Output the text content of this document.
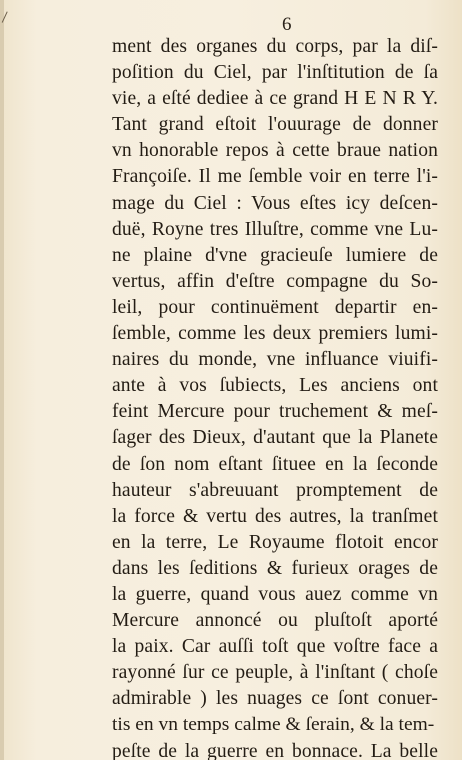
6
ment des organes du corps, par la diſ-
poſition du Ciel, par l'inſtitution de ſa
vie, a eſté dediee à ce grand H E N R Y.
Tant grand eſtoit l'ouurage de donner
vn honorable repos à cette braue nation
Françoiſe. Il me ſemble voir en terre l'i-
mage du Ciel : Vous eſtes icy deſcen-
duë, Royne tres Illuſtre, comme vne Lu-
ne plaine d'vne gracieuſe lumiere de
vertus, affin d'eſtre compagne du So-
leil, pour continuëment departir en-
ſemble, comme les deux premiers lumi-
naires du monde, vne influance viuifi-
ante à vos ſubiects, Les anciens ont
feint Mercure pour truchement & meſ-
ſager des Dieux, d'autant que la Planete
de ſon nom eſtant ſituee en la ſeconde
hauteur s'abreuuant promptement de
la force & vertu des autres, la tranſmet
en la terre, Le Royaume flotoit encor
dans les ſeditions & furieux orages de
la guerre, quand vous auez comme vn
Mercure annoncé ou pluſtoſt aporté
la paix. Car auſſi toſt que voſtre face a
rayonné ſur ce peuple, à l'inſtant ( choſe
admirable ) les nuages ce ſont conuer-
tis en vn temps calme & ſerain, & la tem-
peſte de la guerre en bonnace. La belle
